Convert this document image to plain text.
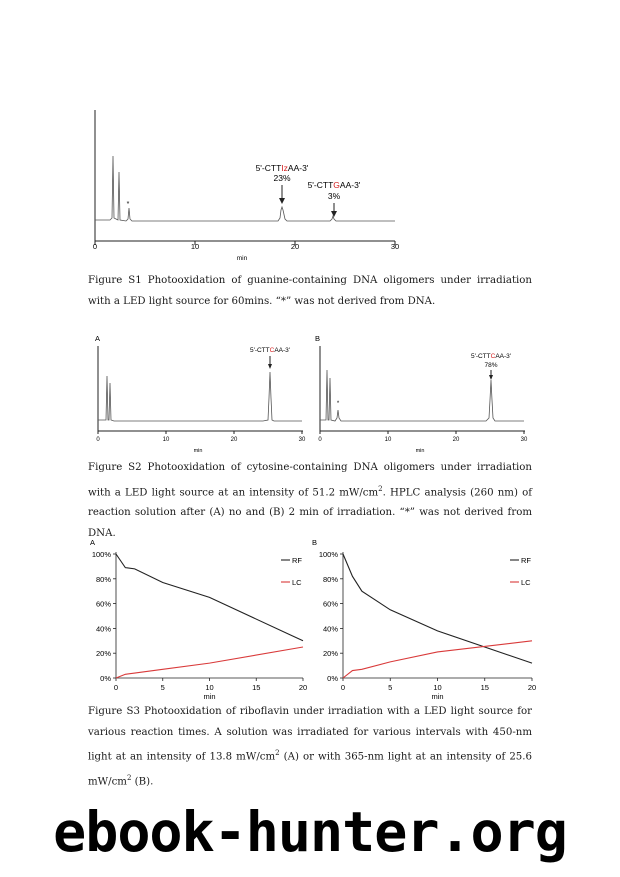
0	10	20	30
min
*
5'-CTTIzAA-3'
23%
5'-CTTGAA-3'
3%
Figure S1 Photooxidation of guanine-containing DNA oligomers under irradiation with a LED light source for 60mins. “*” was not derived from DNA.
A
0	10	20	30
min
5'-CTTCAA-3'
B
0	10	20	30
min
*
5'-CTTCAA-3'
78%
Figure S2 Photooxidation of cytosine-containing DNA oligomers under irradiation with a LED light source at an intensity of 51.2 $mW/cm^2$. HPLC analysis (260 nm) of reaction solution after (A) no and (B) 2 min of irradiation. “*” was not derived from DNA.
A
0%
20%
40%
60%
80%
100%
0	5	10	15	20
min
RF
LC
B
0%
20%
40%
60%
80%
100%
0	5	10	15	20
min
RF
LC
Figure S3 Photooxidation of riboflavin under irradiation with a LED light source for various reaction times. A solution was irradiated for various intervals with 450-nm light at an intensity of 13.8 $mW/cm^2$ (A) or with 365-nm light at an intensity of 25.6 $mW/cm^2$ (B).
ebook-hunter.org
